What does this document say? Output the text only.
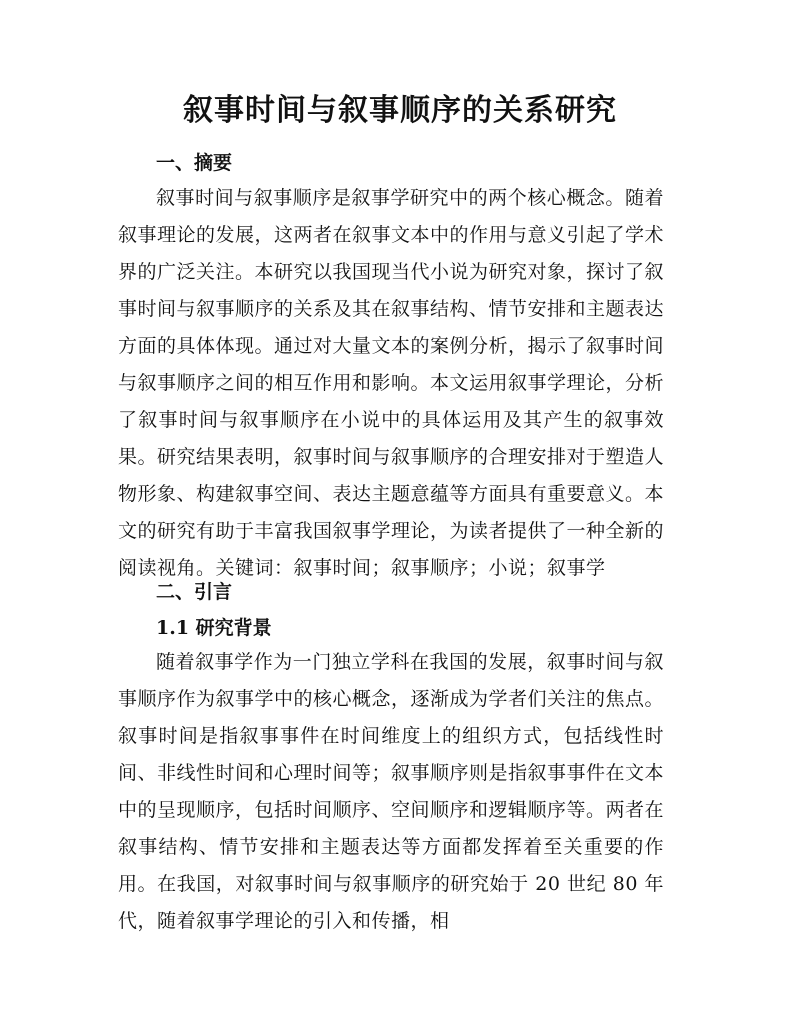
叙事时间与叙事顺序的关系研究
一、摘要

叙事时间与叙事顺序是叙事学研究中的两个核心概念。随着叙事理论的发展，这两者在叙事文本中的作用与意义引起了学术界的广泛关注。本研究以我国现当代小说为研究对象，探讨了叙事时间与叙事顺序的关系及其在叙事结构、情节安排和主题表达方面的具体体现。通过对大量文本的案例分析，揭示了叙事时间与叙事顺序之间的相互作用和影响。本文运用叙事学理论，分析了叙事时间与叙事顺序在小说中的具体运用及其产生的叙事效果。研究结果表明，叙事时间与叙事顺序的合理安排对于塑造人物形象、构建叙事空间、表达主题意蕴等方面具有重要意义。本文的研究有助于丰富我国叙事学理论，为读者提供了一种全新的阅读视角。关键词：叙事时间；叙事顺序；小说；叙事学

二、引言
1.1 研究背景

随着叙事学作为一门独立学科在我国的发展，叙事时间与叙事顺序作为叙事学中的核心概念，逐渐成为学者们关注的焦点。叙事时间是指叙事事件在时间维度上的组织方式，包括线性时间、非线性时间和心理时间等；叙事顺序则是指叙事事件在文本中的呈现顺序，包括时间顺序、空间顺序和逻辑顺序等。两者在叙事结构、情节安排和主题表达等方面都发挥着至关重要的作用。在我国，对叙事时间与叙事顺序的研究始于 20 世纪 80 年代，随着叙事学理论的引入和传播，相
